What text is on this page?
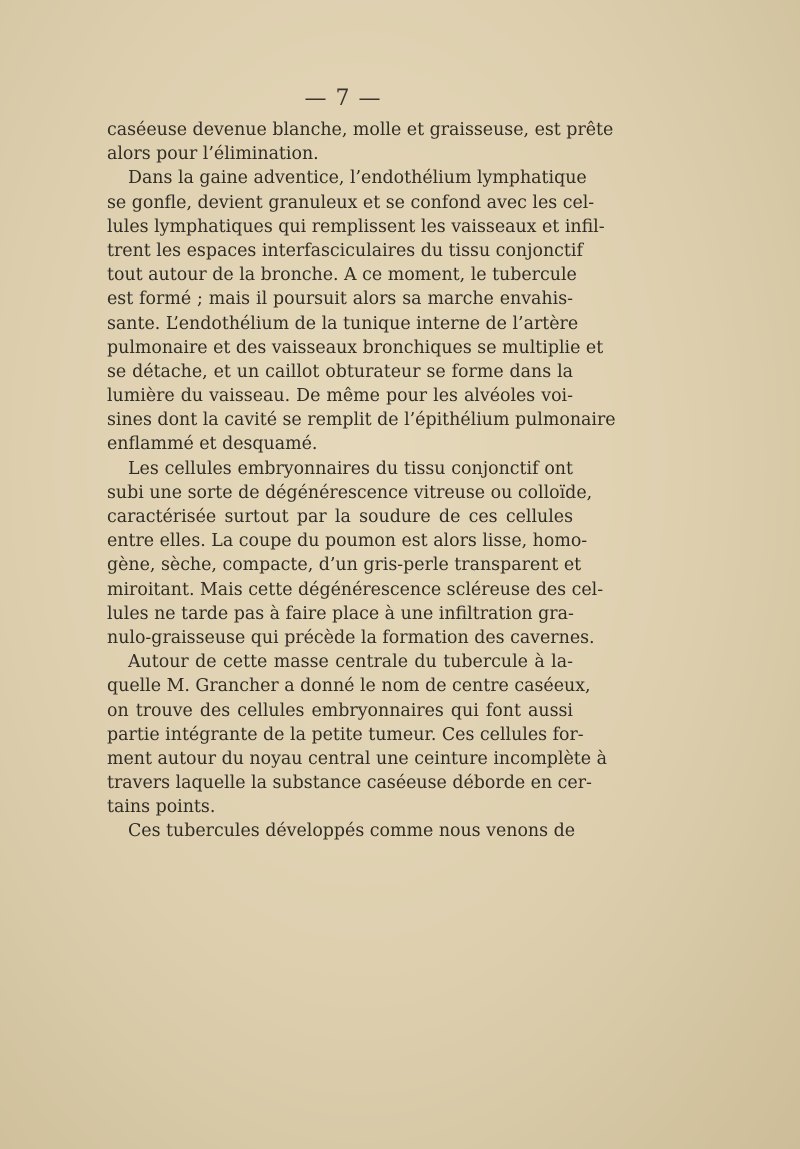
— 7 —
caséeuse devenue blanche, molle et graisseuse, est prête
alors pour l’élimination.
Dans la gaine adventice, l’endothélium lymphatique
se gonfle, devient granuleux et se confond avec les cel-
lules lymphatiques qui remplissent les vaisseaux et infil-
trent les espaces interfasciculaires du tissu conjonctif
tout autour de la bronche. A ce moment, le tubercule
est formé ; mais il poursuit alors sa marche envahis-
sante. L’endothélium de la tunique interne de l’artère
pulmonaire et des vaisseaux bronchiques se multiplie et
se détache, et un caillot obturateur se forme dans la
lumière du vaisseau. De même pour les alvéoles voi-
sines dont la cavité se remplit de l’épithélium pulmonaire
enflammé et desquamé.
Les cellules embryonnaires du tissu conjonctif ont
subi une sorte de dégénérescence vitreuse ou colloïde,
caractérisée surtout par la soudure de ces cellules
entre elles. La coupe du poumon est alors lisse, homo-
gène, sèche, compacte, d’un gris-perle transparent et
miroitant. Mais cette dégénérescence scléreuse des cel-
lules ne tarde pas à faire place à une infiltration gra-
nulo-graisseuse qui précède la formation des cavernes.
Autour de cette masse centrale du tubercule à la-
quelle M. Grancher a donné le nom de centre caséeux,
on trouve des cellules embryonnaires qui font aussi
partie intégrante de la petite tumeur. Ces cellules for-
ment autour du noyau central une ceinture incomplète à
travers laquelle la substance caséeuse déborde en cer-
tains points.
Ces tubercules développés comme nous venons de
